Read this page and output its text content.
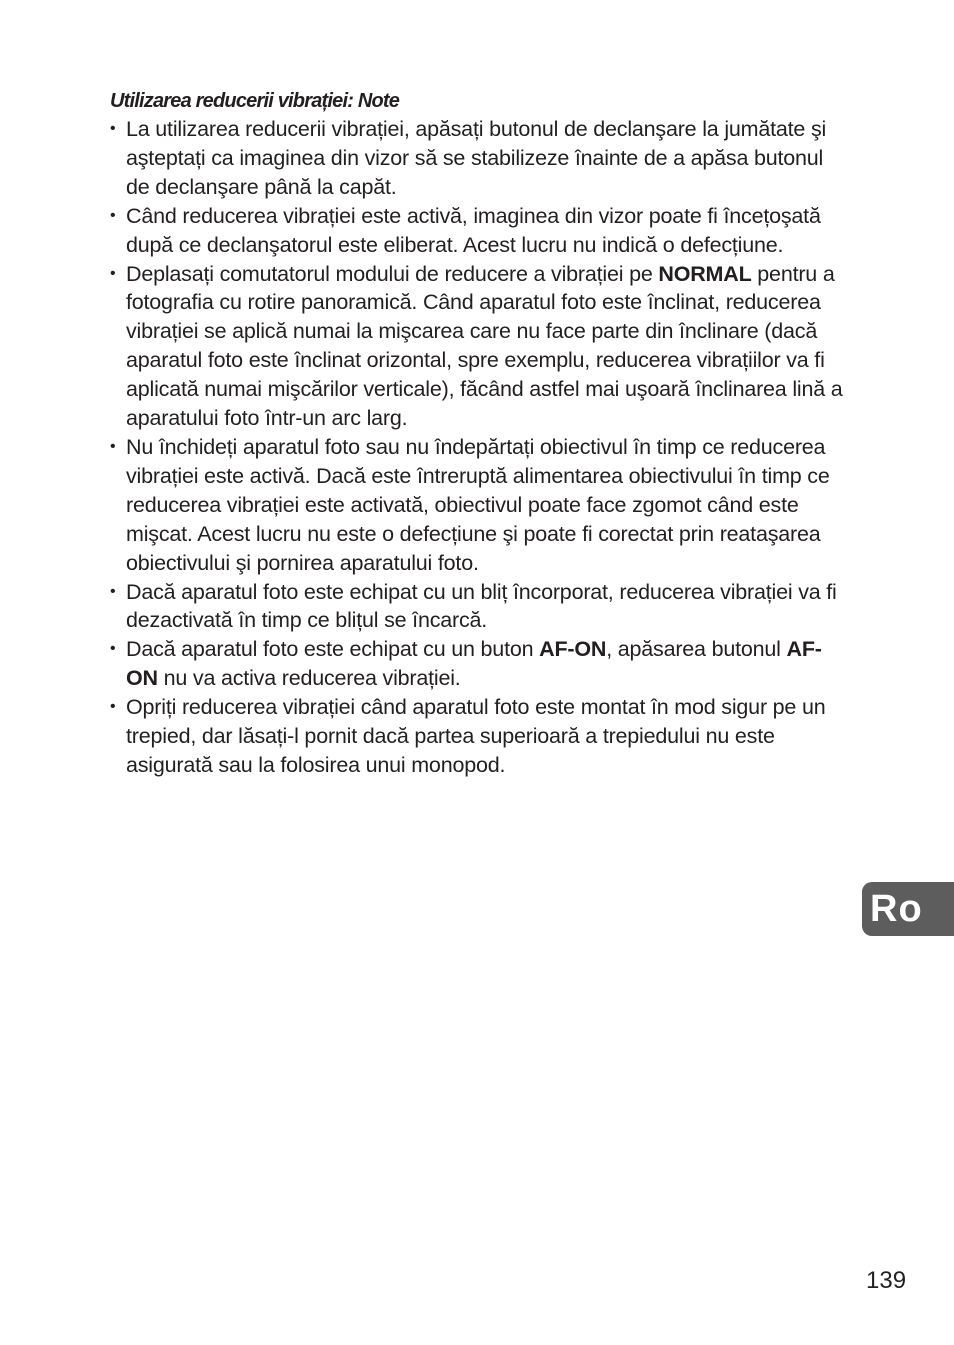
Utilizarea reducerii vibrației: Note
• La utilizarea reducerii vibrației, apăsați butonul de declanşare la jumătate şi aşteptați ca imaginea din vizor să se stabilizeze înainte de a apăsa butonul de declanşare până la capăt.
• Când reducerea vibrației este activă, imaginea din vizor poate fi încețoşată după ce declanşatorul este eliberat. Acest lucru nu indică o defecțiune.
• Deplasați comutatorul modului de reducere a vibrației pe NORMAL pentru a fotografia cu rotire panoramică. Când aparatul foto este înclinat, reducerea vibrației se aplică numai la mişcarea care nu face parte din înclinare (dacă aparatul foto este înclinat orizontal, spre exemplu, reducerea vibrațiilor va fi aplicată numai mişcărilor verticale), făcând astfel mai uşoară înclinarea lină a aparatului foto într-un arc larg.
• Nu închideți aparatul foto sau nu îndepărtați obiectivul în timp ce reducerea vibrației este activă. Dacă este întreruptă alimentarea obiectivului în timp ce reducerea vibrației este activată, obiectivul poate face zgomot când este mişcat. Acest lucru nu este o defecțiune şi poate fi corectat prin reataşarea obiectivului şi pornirea aparatului foto.
• Dacă aparatul foto este echipat cu un bliț încorporat, reducerea vibrației va fi dezactivată în timp ce blițul se încarcă.
• Dacă aparatul foto este echipat cu un buton AF-ON, apăsarea butonul AF-ON nu va activa reducerea vibrației.
• Opriți reducerea vibrației când aparatul foto este montat în mod sigur pe un trepied, dar lăsați-l pornit dacă partea superioară a trepiedului nu este asigurată sau la folosirea unui monopod.
Ro
139
